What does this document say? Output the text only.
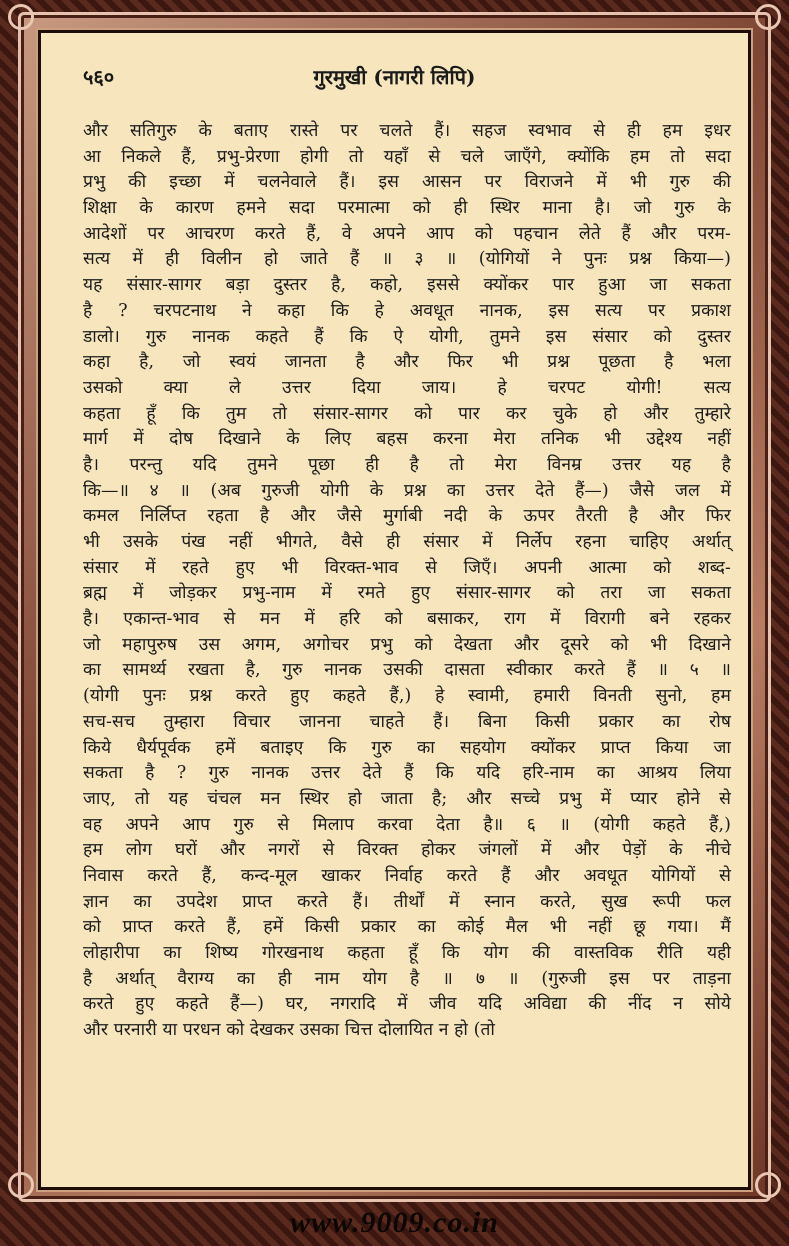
५६०	गुरमुखी (नागरी लिपि)
और सतिगुरु के बताए रास्ते पर चलते हैं। सहज स्वभाव से ही हम इधर
आ निकले हैं, प्रभु-प्रेरणा होगी तो यहाँ से चले जाएँगे, क्योंकि हम तो सदा
प्रभु की इच्छा में चलनेवाले हैं। इस आसन पर विराजने में भी गुरु की
शिक्षा के कारण हमने सदा परमात्मा को ही स्थिर माना है। जो गुरु के
आदेशों पर आचरण करते हैं, वे अपने आप को पहचान लेते हैं और परम-
सत्य में ही विलीन हो जाते हैं ॥ ३ ॥ (योगियों ने पुनः प्रश्न किया—)
यह संसार-सागर बड़ा दुस्तर है, कहो, इससे क्योंकर पार हुआ जा सकता
है ? चरपटनाथ ने कहा कि हे अवधूत नानक, इस सत्य पर प्रकाश
डालो। गुरु नानक कहते हैं कि ऐ योगी, तुमने इस संसार को दुस्तर
कहा है, जो स्वयं जानता है और फिर भी प्रश्न पूछता है भला
उसको क्या ले उत्तर दिया जाय। हे चरपट योगी! सत्य
कहता हूँ कि तुम तो संसार-सागर को पार कर चुके हो और तुम्हारे
मार्ग में दोष दिखाने के लिए बहस करना मेरा तनिक भी उद्देश्य नहीं
है। परन्तु यदि तुमने पूछा ही है तो मेरा विनम्र उत्तर यह है
कि—॥ ४ ॥ (अब गुरुजी योगी के प्रश्न का उत्तर देते हैं—) जैसे जल में
कमल निर्लिप्त रहता है और जैसे मुर्गाबी नदी के ऊपर तैरती है और फिर
भी उसके पंख नहीं भीगते, वैसे ही संसार में निर्लेप रहना चाहिए अर्थात्
संसार में रहते हुए भी विरक्त-भाव से जिएँ। अपनी आत्मा को शब्द-
ब्रह्म में जोड़कर प्रभु-नाम में रमते हुए संसार-सागर को तरा जा सकता
है। एकान्त-भाव से मन में हरि को बसाकर, राग में विरागी बने रहकर
जो महापुरुष उस अगम, अगोचर प्रभु को देखता और दूसरे को भी दिखाने
का सामर्थ्य रखता है, गुरु नानक उसकी दासता स्वीकार करते हैं ॥ ५ ॥
(योगी पुनः प्रश्न करते हुए कहते हैं,) हे स्वामी, हमारी विनती सुनो, हम
सच-सच तुम्हारा विचार जानना चाहते हैं। बिना किसी प्रकार का रोष
किये धैर्यपूर्वक हमें बताइए कि गुरु का सहयोग क्योंकर प्राप्त किया जा
सकता है ? गुरु नानक उत्तर देते हैं कि यदि हरि-नाम का आश्रय लिया
जाए, तो यह चंचल मन स्थिर हो जाता है; और सच्चे प्रभु में प्यार होने से
वह अपने आप गुरु से मिलाप करवा देता है॥ ६ ॥ (योगी कहते हैं,)
हम लोग घरों और नगरों से विरक्त होकर जंगलों में और पेड़ों के नीचे
निवास करते हैं, कन्द-मूल खाकर निर्वाह करते हैं और अवधूत योगियों से
ज्ञान का उपदेश प्राप्त करते हैं। तीर्थों में स्नान करते, सुख रूपी फल
को प्राप्त करते हैं, हमें किसी प्रकार का कोई मैल भी नहीं छू गया। मैं
लोहारीपा का शिष्य गोरखनाथ कहता हूँ कि योग की वास्तविक रीति यही
है अर्थात् वैराग्य का ही नाम योग है ॥ ७ ॥ (गुरुजी इस पर ताड़ना
करते हुए कहते हैं—) घर, नगरादि में जीव यदि अविद्या की नींद न सोये
और परनारी या परधन को देखकर उसका चित्त दोलायित न हो (तो
www.9009.co.in
